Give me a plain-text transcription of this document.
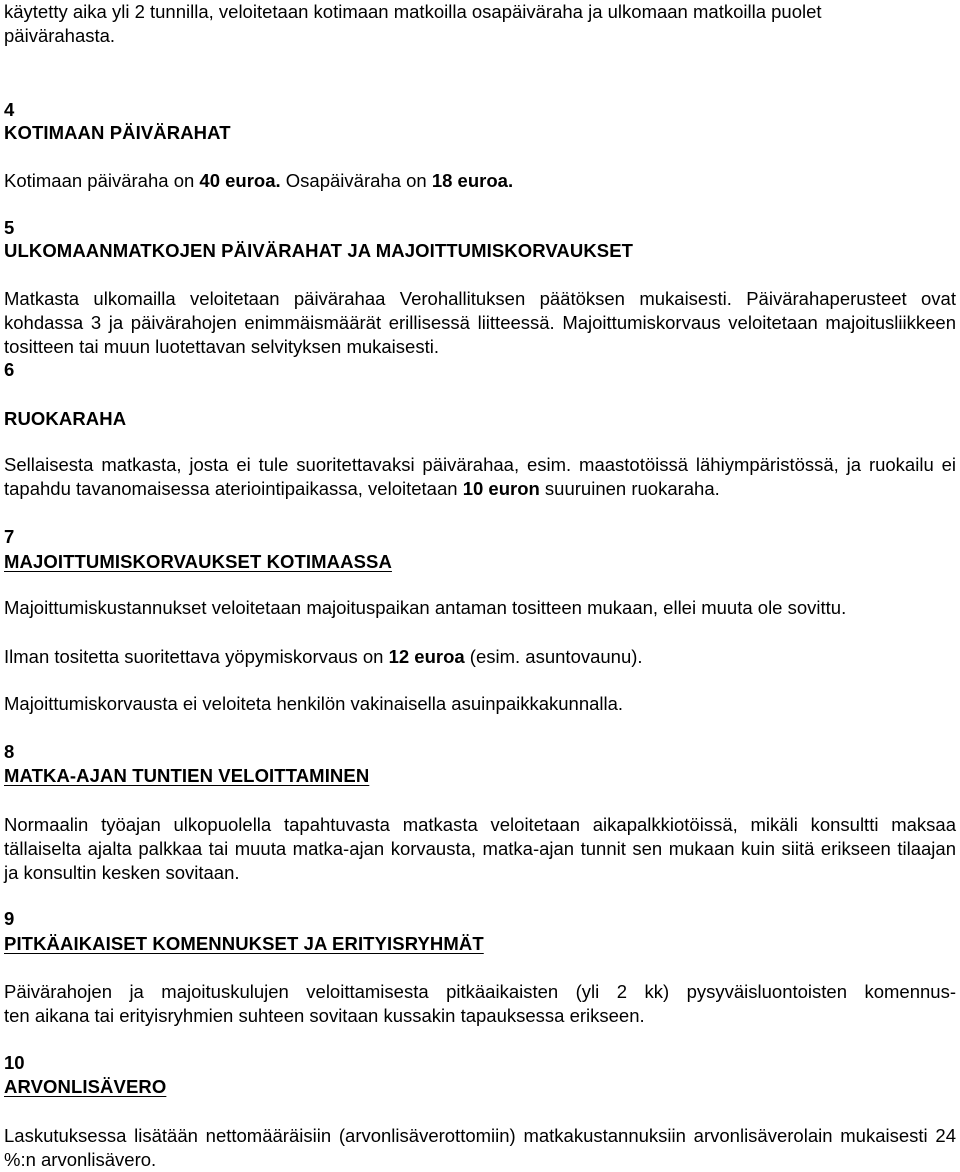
käytetty aika yli 2 tunnilla, veloitetaan kotimaan matkoilla osapäiväraha ja ulkomaan matkoilla puolet
päivärahasta.
4
KOTIMAAN PÄIVÄRAHAT
Kotimaan päiväraha on 40 euroa. Osapäiväraha on 18 euroa.
5
ULKOMAANMATKOJEN PÄIVÄRAHAT JA MAJOITTUMISKORVAUKSET
Matkasta ulkomailla veloitetaan päivärahaa Verohallituksen päätöksen mukaisesti. Päivärahaperusteet ovat kohdassa 3 ja päivärahojen enimmäismäärät erillisessä liitteessä. Majoittumiskorvaus veloitetaan majoitusliikkeen tositteen tai muun luotettavan selvityksen mukaisesti.
6
RUOKARAHA
Sellaisesta matkasta, josta ei tule suoritettavaksi päivärahaa, esim. maastotöissä lähiympäristössä, ja ruokailu ei tapahdu tavanomaisessa ateriointipaikassa, veloitetaan 10 euron suuruinen ruokaraha.
7
MAJOITTUMISKORVAUKSET KOTIMAASSA
Majoittumiskustannukset veloitetaan majoituspaikan antaman tositteen mukaan, ellei muuta ole sovittu.
Ilman tositetta suoritettava yöpymiskorvaus on 12 euroa (esim. asuntovaunu).
Majoittumiskorvausta ei veloiteta henkilön vakinaisella asuinpaikkakunnalla.
8
MATKA-AJAN TUNTIEN VELOITTAMINEN
Normaalin työajan ulkopuolella tapahtuvasta matkasta veloitetaan aikapalkkiotöissä, mikäli konsultti maksaa tällaiselta ajalta palkkaa tai muuta matka-ajan korvausta, matka-ajan tunnit sen mukaan kuin siitä erikseen tilaajan ja konsultin kesken sovitaan.
9
PITKÄAIKAISET KOMENNUKSET JA ERITYISRYHMÄT
Päivärahojen ja majoituskulujen veloittamisesta pitkäaikaisten (yli 2 kk) pysyväisluontoisten komennus-
ten aikana tai erityisryhmien suhteen sovitaan kussakin tapauksessa erikseen.
10
ARVONLISÄVERO
Laskutuksessa lisätään nettomääräisiin (arvonlisäverottomiin) matkakustannuksiin arvonlisäverolain mukaisesti 24 %:n arvonlisävero.
